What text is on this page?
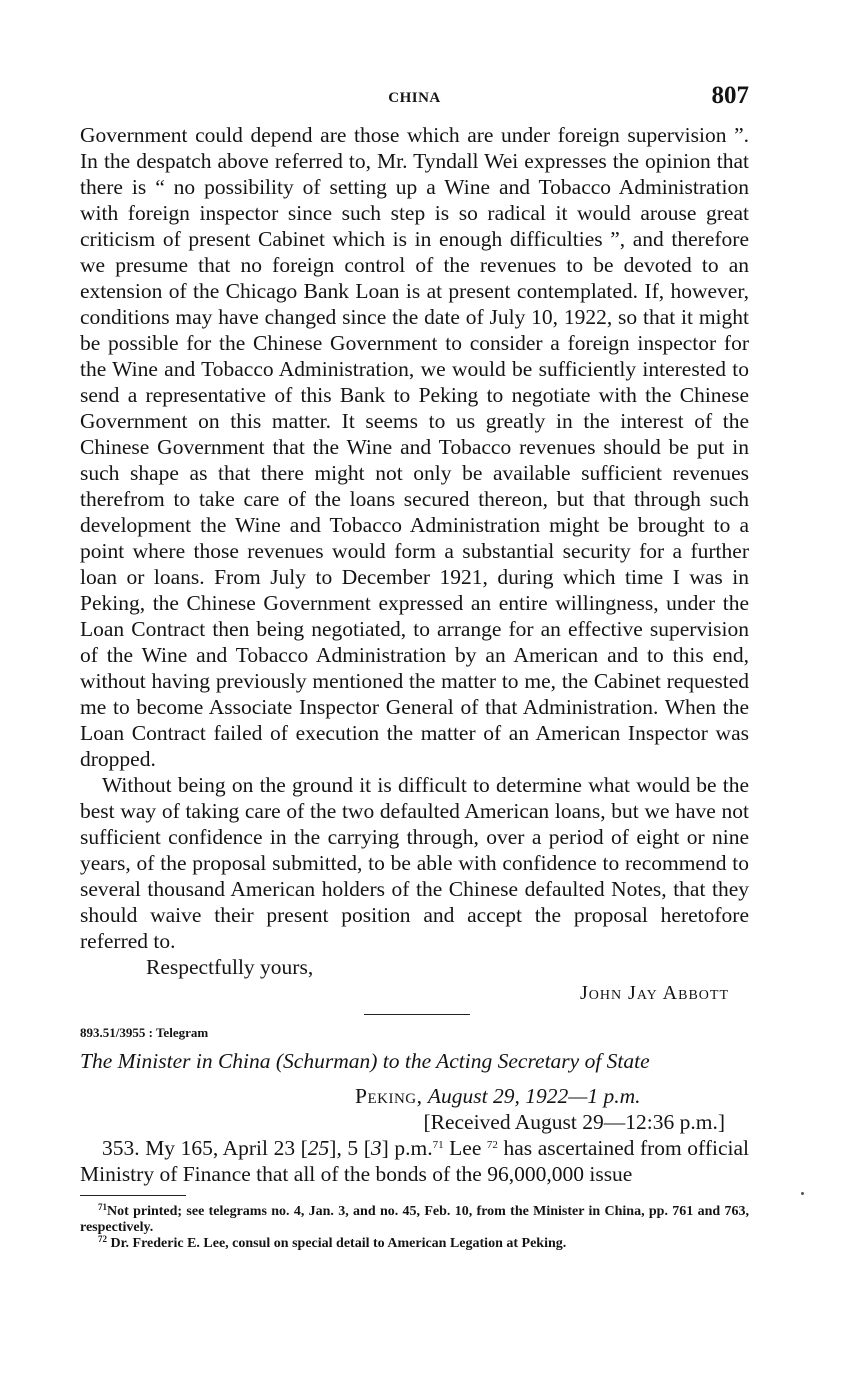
CHINA	807

Government could depend are those which are under foreign supervision ”. In the despatch above referred to, Mr. Tyndall Wei expresses the opinion that there is “ no possibility of setting up a Wine and Tobacco Administration with foreign inspector since such step is so radical it would arouse great criticism of present Cabinet which is in enough difficulties ”, and therefore we presume that no foreign control of the revenues to be devoted to an extension of the Chicago Bank Loan is at present contemplated. If, however, conditions may have changed since the date of July 10, 1922, so that it might be possible for the Chinese Government to consider a foreign inspector for the Wine and Tobacco Administration, we would be sufficiently interested to send a representative of this Bank to Peking to negotiate with the Chinese Government on this matter. It seems to us greatly in the interest of the Chinese Government that the Wine and Tobacco revenues should be put in such shape as that there might not only be available sufficient revenues therefrom to take care of the loans secured thereon, but that through such development the Wine and Tobacco Administration might be brought to a point where those revenues would form a substantial security for a further loan or loans. From July to December 1921, during which time I was in Peking, the Chinese Government expressed an entire willingness, under the Loan Contract then being negotiated, to arrange for an effective supervision of the Wine and Tobacco Administration by an American and to this end, without having previously mentioned the matter to me, the Cabinet requested me to become Associate Inspector General of that Administration. When the Loan Contract failed of execution the matter of an American Inspector was dropped.

Without being on the ground it is difficult to determine what would be the best way of taking care of the two defaulted American loans, but we have not sufficient confidence in the carrying through, over a period of eight or nine years, of the proposal submitted, to be able with confidence to recommend to several thousand American holders of the Chinese defaulted Notes, that they should waive their present position and accept the proposal heretofore referred to.

Respectfully yours,

John Jay Abbott

893.51/3955 : Telegram

The Minister in China (Schurman) to the Acting Secretary of State

Peking, August 29, 1922—1 p.m.

[Received August 29—12:36 p.m.]

353. My 165, April 23 [25], 5 [3] p.m.$^{71}$ Lee $^{72}$ has ascertained from official Ministry of Finance that all of the bonds of the 96,000,000 issue

$^{71}$Not printed; see telegrams no. 4, Jan. 3, and no. 45, Feb. 10, from the Minister in China, pp. 761 and 763, respectively.

$^{72}$ Dr. Frederic E. Lee, consul on special detail to American Legation at Peking.
